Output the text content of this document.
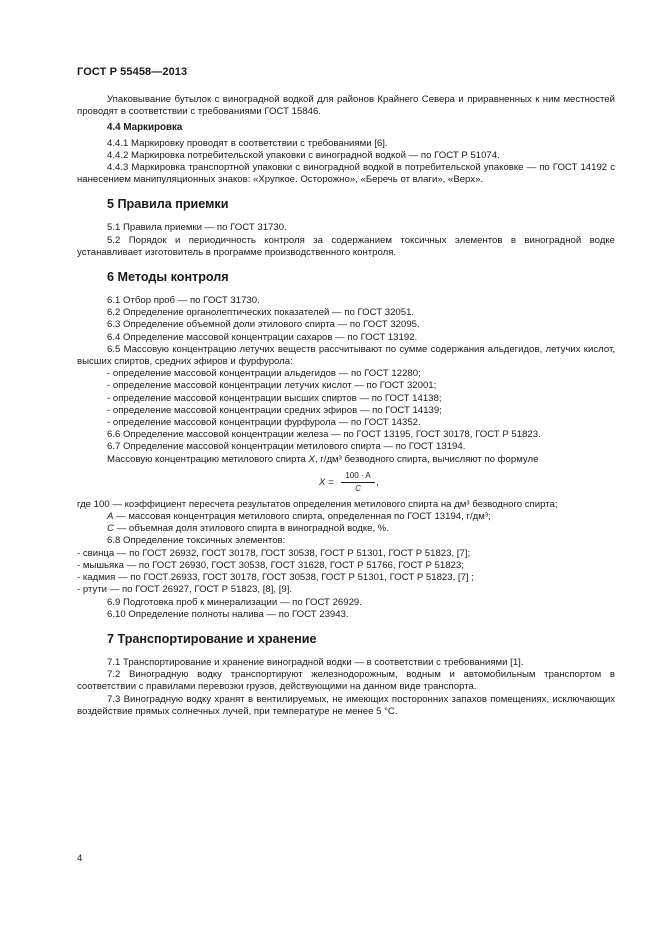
ГОСТ Р 55458—2013

Упаковывание бутылок с виноградной водкой для районов Крайнего Севера и приравненных к ним местностей проводят в соответствии с требованиями ГОСТ 15846.

4.4 Маркировка

4.4.1 Маркировку проводят в соответствии с требованиями [6].

4.4.2 Маркировка потребительской упаковки с виноградной водкой — по ГОСТ Р 51074.

4.4.3 Маркировка транспортной упаковки с виноградной водкой в потребительской упаковке — по ГОСТ 14192 с нанесением манипуляционных знаков: «Хрупкое. Осторожно», «Беречь от влаги», «Верх».

5 Правила приемки

5.1 Правила приемки — по ГОСТ 31730.

5.2 Порядок и периодичность контроля за содержанием токсичных элементов в виноградной водке устанавливает изготовитель в программе производственного контроля.

6 Методы контроля

6.1 Отбор проб — по ГОСТ 31730.

6.2 Определение органолептических показателей — по ГОСТ 32051.

6.3 Определение объемной доли этилового спирта — по ГОСТ 32095.

6.4 Определение массовой концентрации сахаров — по ГОСТ 13192.

6.5 Массовую концентрацию летучих веществ рассчитывают по сумме содержания альдегидов, летучих кислот, высших спиртов, средних эфиров и фурфурола:

- определение массовой концентрации альдегидов — по ГОСТ 12280;

- определение массовой концентрации летучих кислот — по ГОСТ 32001;

- определение массовой концентрации высших спиртов — по ГОСТ 14138;

- определение массовой концентрации средних эфиров — по ГОСТ 14139;

- определение массовой концентрации фурфурола — по ГОСТ 14352.

6.6 Определение массовой концентрации железа — по ГОСТ 13195, ГОСТ 30178, ГОСТ Р 51823.

6.7 Определение массовой концентрации метилового спирта — по ГОСТ 13194.

Массовую концентрацию метилового спирта X, г/дм³ безводного спирта, вычисляют по формуле

$X = \frac{100 \cdot A}{C}$ ,

где 100 — коэффициент пересчета результатов определения метилового спирта на дм³ безводного спирта;

A — массовая концентрация метилового спирта, определенная по ГОСТ 13194, г/дм³;

C — объемная доля этилового спирта в виноградной водке, %.

6.8 Определение токсичных элементов:

- свинца — по ГОСТ 26932, ГОСТ 30178, ГОСТ 30538, ГОСТ Р 51301, ГОСТ Р 51823, [7];

- мышьяка — по ГОСТ 26930, ГОСТ 30538, ГОСТ 31628, ГОСТ Р 51766, ГОСТ Р 51823;

- кадмия — по ГОСТ 26933, ГОСТ 30178, ГОСТ 30538, ГОСТ Р 51301, ГОСТ Р 51823, [7] ;

- ртути — по ГОСТ 26927, ГОСТ Р 51823, [8], [9].

6.9 Подготовка проб к минерализации — по ГОСТ 26929.

6.10 Определение полноты налива — по ГОСТ 23943.

7 Транспортирование и хранение

7.1 Транспортирование и хранение виноградной водки — в соответствии с требованиями [1].

7.2 Виноградную водку транспортируют железнодорожным, водным и автомобильным транспортом в соответствии с правилами перевозки грузов, действующими на данном виде транспорта.

7.3 Виноградную водку хранят в вентилируемых, не имеющих посторонних запахов помещениях, исключающих воздействие прямых солнечных лучей, при температуре не менее 5 °С.

4
